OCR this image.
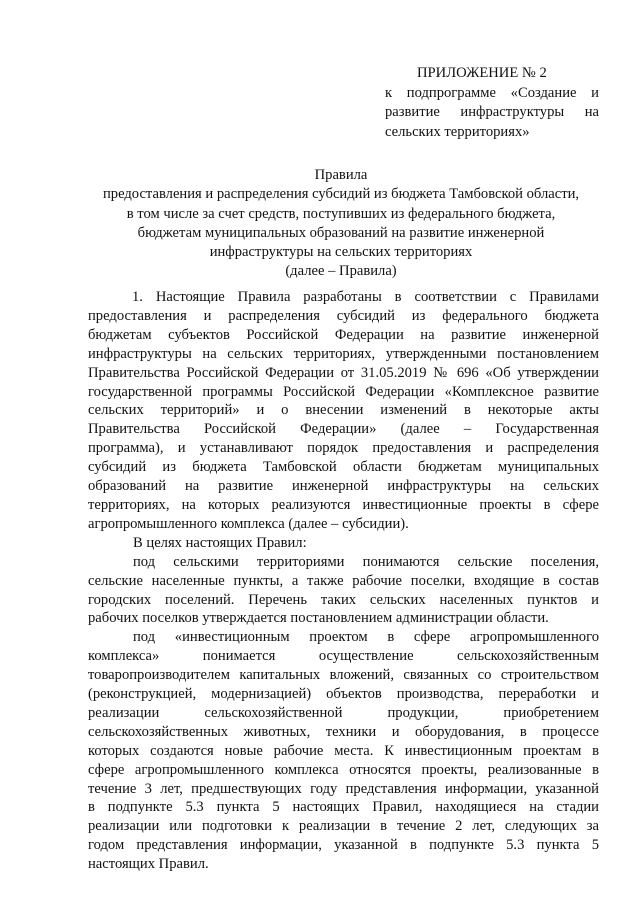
ПРИЛОЖЕНИЕ № 2
к подпрограмме «Создание и
развитие инфраструктуры на
сельских территориях»
Правила
предоставления и распределения субсидий из бюджета Тамбовской области,
в том числе за счет средств, поступивших из федерального бюджета,
бюджетам муниципальных образований на развитие инженерной
инфраструктуры на сельских территориях
(далее – Правила)
1. Настоящие Правила разработаны в соответствии с Правилами
предоставления и распределения субсидий из федерального бюджета
бюджетам субъектов Российской Федерации на развитие инженерной
инфраструктуры на сельских территориях, утвержденными постановлением
Правительства Российской Федерации от 31.05.2019 № 696 «Об утверждении
государственной программы Российской Федерации «Комплексное развитие
сельских территорий» и о внесении изменений в некоторые акты
Правительства Российской Федерации» (далее – Государственная
программа), и устанавливают порядок предоставления и распределения
субсидий из бюджета Тамбовской области бюджетам муниципальных
образований на развитие инженерной инфраструктуры на сельских
территориях, на которых реализуются инвестиционные проекты в сфере
агропромышленного комплекса (далее – субсидии).
В целях настоящих Правил:
под сельскими территориями понимаются сельские поселения,
сельские населенные пункты, а также рабочие поселки, входящие в состав
городских поселений. Перечень таких сельских населенных пунктов и
рабочих поселков утверждается постановлением администрации области.
под «инвестиционным проектом в сфере агропромышленного
комплекса» понимается осуществление сельскохозяйственным
товаропроизводителем капитальных вложений, связанных со строительством
(реконструкцией, модернизацией) объектов производства, переработки и
реализации сельскохозяйственной продукции, приобретением
сельскохозяйственных животных, техники и оборудования, в процессе
которых создаются новые рабочие места. К инвестиционным проектам в
сфере агропромышленного комплекса относятся проекты, реализованные в
течение 3 лет, предшествующих году представления информации, указанной
в подпункте 5.3 пункта 5 настоящих Правил, находящиеся на стадии
реализации или подготовки к реализации в течение 2 лет, следующих за
годом представления информации, указанной в подпункте 5.3 пункта 5
настоящих Правил.
